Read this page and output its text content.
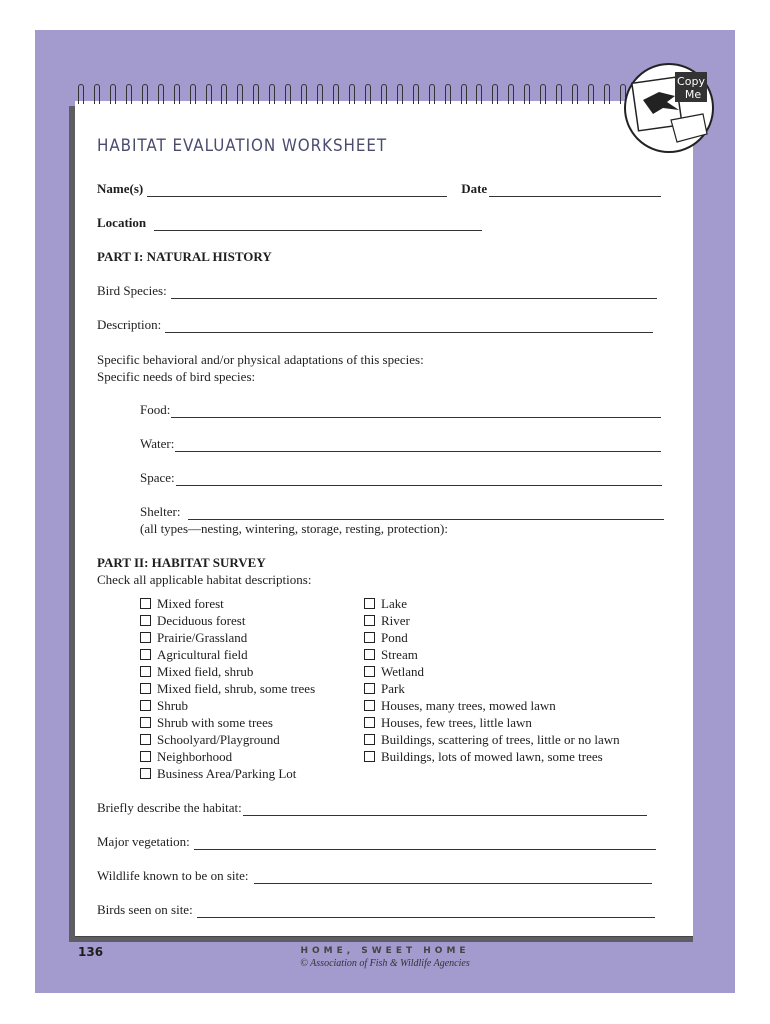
Copy
Me
HABITAT EVALUATION WORKSHEET
Name(s)	Date
Location
PART I: NATURAL HISTORY
Bird Species:
Description:
Specific behavioral and/or physical adaptations of this species:
Specific needs of bird species:
Food:
Water:
Space:
Shelter:
(all types—nesting, wintering, storage, resting, protection):
PART II: HABITAT SURVEY
Check all applicable habitat descriptions:
Mixed forest
Deciduous forest
Prairie/Grassland
Agricultural field
Mixed field, shrub
Mixed field, shrub, some trees
Shrub
Shrub with some trees
Schoolyard/Playground
Neighborhood
Business Area/Parking Lot
Lake
River
Pond
Stream
Wetland
Park
Houses, many trees, mowed lawn
Houses, few trees, little lawn
Buildings, scattering of trees, little or no lawn
Buildings, lots of mowed lawn, some trees
Briefly describe the habitat:
Major vegetation:
Wildlife known to be on site:
Birds seen on site:
136	HOME, SWEET HOME
© Association of Fish & Wildlife Agencies
